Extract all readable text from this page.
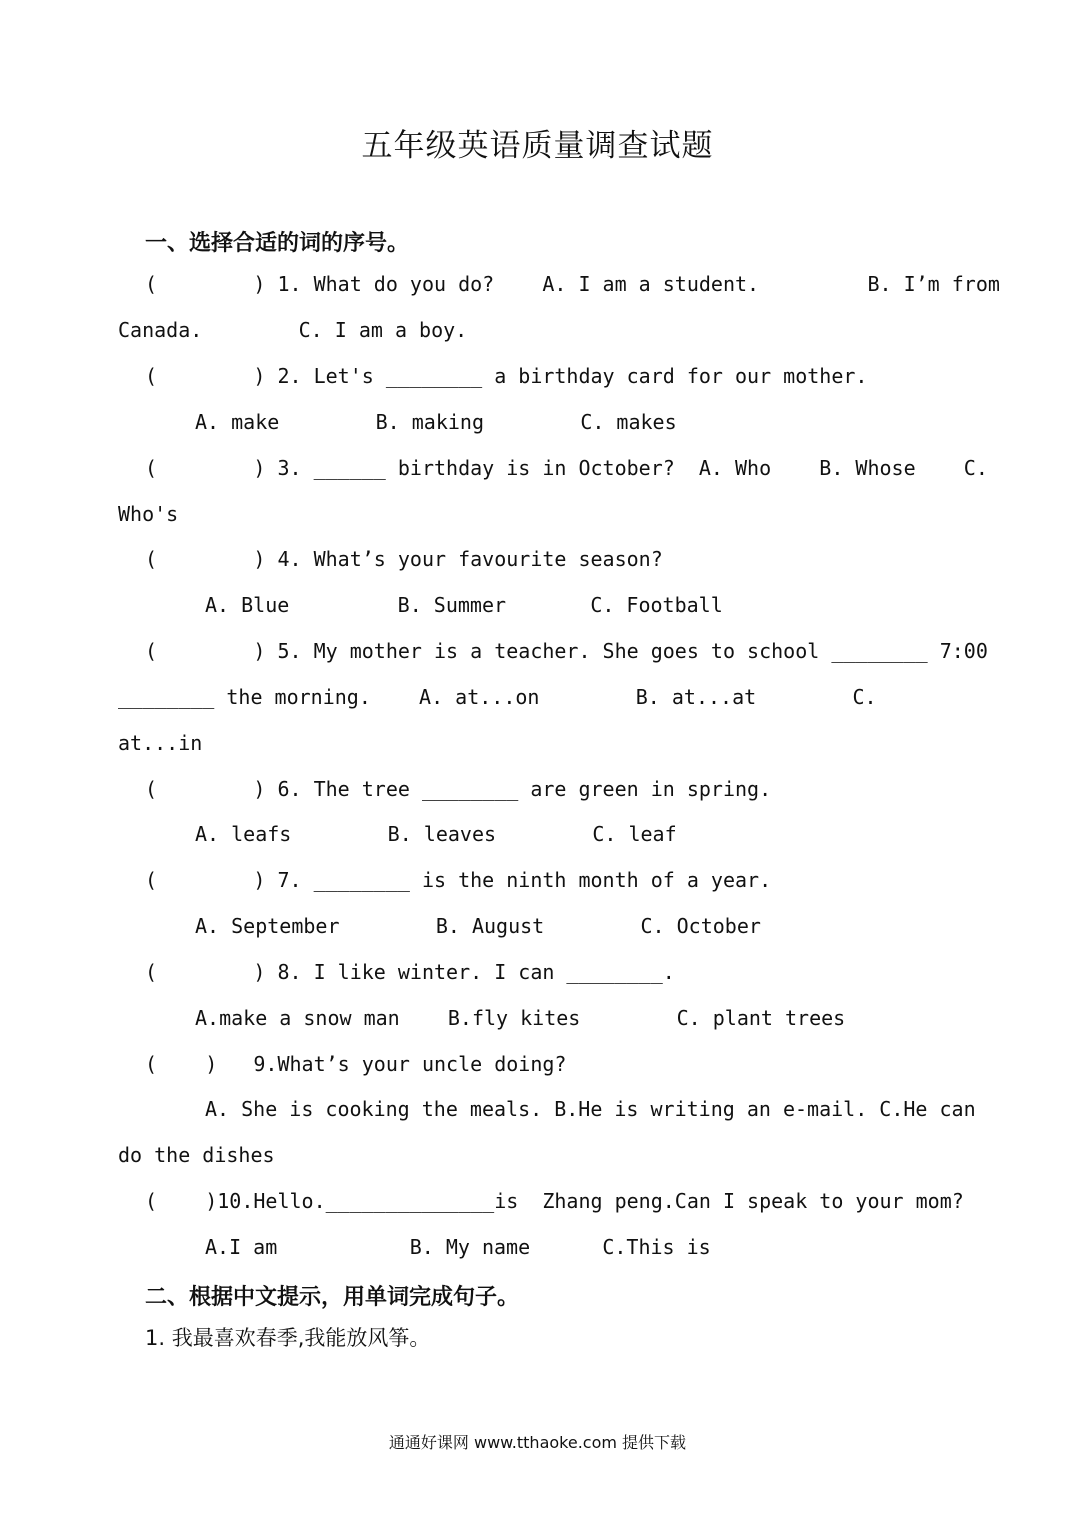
五年级英语质量调查试题
一、选择合适的词的序号。
(        ) 1. What do you do?    A. I am a student.         B. I’m from
Canada.        C. I am a boy.
(        ) 2. Let's ________ a birthday card for our mother.
A. make        B. making        C. makes
(        ) 3. ______ birthday is in October?  A. Who    B. Whose    C.
Who's
(        ) 4. What’s your favourite season?
A. Blue         B. Summer       C. Football
(        ) 5. My mother is a teacher. She goes to school ________ 7:00
________ the morning.    A. at...on        B. at...at        C.
at...in
(        ) 6. The tree ________ are green in spring.
A. leafs        B. leaves        C. leaf
(        ) 7. ________ is the ninth month of a year.
A. September        B. August        C. October
(        ) 8. I like winter. I can ________.
A.make a snow man    B.fly kites        C. plant trees
(    )   9.What’s your uncle doing?
A. She is cooking the meals. B.He is writing an e-mail. C.He can
do the dishes
(    )10.Hello.______________is  Zhang peng.Can I speak to your mom?
A.I am           B. My name      C.This is
二、根据中文提示，用单词完成句子。
1. 我最喜欢春季,我能放风筝。
通通好课网 www.tthaoke.com 提供下载
